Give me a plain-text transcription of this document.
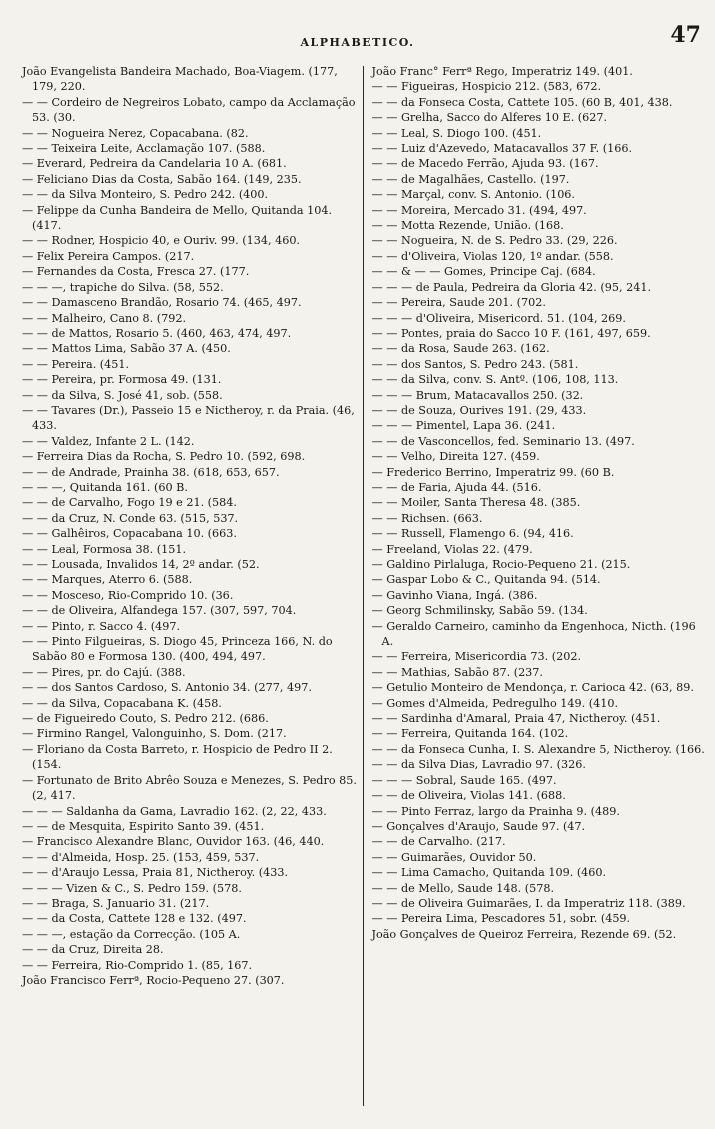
ALPHABETICO.	47

João Evangelista Bandeira Machado, Boa-Viagem. (177, 179, 220.

— — Cordeiro de Negreiros Lobato, campo da Acclamação 53. (30.

— — Nogueira Nerez, Copacabana. (82.

— — Teixeira Leite, Acclamação 107. (588.

— Everard, Pedreira da Candelaria 10 A. (681.

— Feliciano Dias da Costa, Sabão 164. (149, 235.

— — da Silva Monteiro, S. Pedro 242. (400.

— Felippe da Cunha Bandeira de Mello, Quitanda 104. (417.

— — Rodner, Hospicio 40, e Ouriv. 99. (134, 460.

— Felix Pereira Campos. (217.

— Fernandes da Costa, Fresca 27. (177.

— — —, trapiche do Silva. (58, 552.

— — Damasceno Brandão, Rosario 74. (465, 497.

— — Malheiro, Cano 8. (792.

— — de Mattos, Rosario 5. (460, 463, 474, 497.

— — Mattos Lima, Sabão 37 A. (450.

— — Pereira. (451.

— — Pereira, pr. Formosa 49. (131.

— — da Silva, S. José 41, sob. (558.

— — Tavares (Dr.), Passeio 15 e Nictheroy, r. da Praia. (46, 433.

— — Valdez, Infante 2 L. (142.

— Ferreira Dias da Rocha, S. Pedro 10. (592, 698.

— — de Andrade, Prainha 38. (618, 653, 657.

— — —, Quitanda 161. (60 B.

— — de Carvalho, Fogo 19 e 21. (584.

— — da Cruz, N. Conde 63. (515, 537.

— — Galhêiros, Copacabana 10. (663.

— — Leal, Formosa 38. (151.

— — Lousada, Invalidos 14, 2º andar. (52.

— — Marques, Aterro 6. (588.

— — Mosceso, Rio-Comprido 10. (36.

— — de Oliveira, Alfandega 157. (307, 597, 704.

— — Pinto, r. Sacco 4. (497.

— — Pinto Filgueiras, S. Diogo 45, Princeza 166, N. do Sabão 80 e Formosa 130. (400, 494, 497.

— — Pires, pr. do Cajú. (388.

— — dos Santos Cardoso, S. Antonio 34. (277, 497.

— — da Silva, Copacabana K. (458.

— de Figueiredo Couto, S. Pedro 212. (686.

— Firmino Rangel, Valonguinho, S. Dom. (217.

— Floriano da Costa Barreto, r. Hospicio de Pedro II 2. (154.

— Fortunato de Brito Abrêo Souza e Menezes, S. Pedro 85. (2, 417.

— — — Saldanha da Gama, Lavradio 162. (2, 22, 433.

— — de Mesquita, Espirito Santo 39. (451.

— Francisco Alexandre Blanc, Ouvidor 163. (46, 440.

— — d'Almeida, Hosp. 25. (153, 459, 537.

— — d'Araujo Lessa, Praia 81, Nictheroy. (433.

— — — Vizen & C., S. Pedro 159. (578.

— — Braga, S. Januario 31. (217.

— — da Costa, Cattete 128 e 132. (497.

— — —, estação da Correcção. (105 A.

— — da Cruz, Direita 28.

— — Ferreira, Rio-Comprido 1. (85, 167.

João Francisco Ferrª, Rocio-Pequeno 27. (307.

João Franc° Ferrª Rego, Imperatriz 149. (401.

— — Figueiras, Hospicio 212. (583, 672.

— — da Fonseca Costa, Cattete 105. (60 B, 401, 438.

— — Grelha, Sacco do Alferes 10 E. (627.

— — Leal, S. Diogo 100. (451.

— — Luiz d'Azevedo, Matacavallos 37 F. (166.

— — de Macedo Ferrão, Ajuda 93. (167.

— — de Magalhães, Castello. (197.

— — Marçal, conv. S. Antonio. (106.

— — Moreira, Mercado 31. (494, 497.

— — Motta Rezende, União. (168.

— — Nogueira, N. de S. Pedro 33. (29, 226.

— — d'Oliveira, Violas 120, 1º andar. (558.

— — & — — Gomes, Principe Caj. (684.

— — — de Paula, Pedreira da Gloria 42. (95, 241.

— — Pereira, Saude 201. (702.

— — — d'Oliveira, Misericord. 51. (104, 269.

— — Pontes, praia do Sacco 10 F. (161, 497, 659.

— — da Rosa, Saude 263. (162.

— — dos Santos, S. Pedro 243. (581.

— — da Silva, conv. S. Antº. (106, 108, 113.

— — — Brum, Matacavallos 250. (32.

— — de Souza, Ourives 191. (29, 433.

— — — Pimentel, Lapa 36. (241.

— — de Vasconcellos, fed. Seminario 13. (497.

— — Velho, Direita 127. (459.

— Frederico Berrino, Imperatriz 99. (60 B.

— — de Faria, Ajuda 44. (516.

— — Moiler, Santa Theresa 48. (385.

— — Richsen. (663.

— — Russell, Flamengo 6. (94, 416.

— Freeland, Violas 22. (479.

— Galdino Pirlaluga, Rocio-Pequeno 21. (215.

— Gaspar Lobo & C., Quitanda 94. (514.

— Gavinho Viana, Ingá. (386.

— Georg Schmilinsky, Sabão 59. (134.

— Geraldo Carneiro, caminho da Engenhoca, Nicth. (196 A.

— — Ferreira, Misericordia 73. (202.

— — Mathias, Sabão 87. (237.

— Getulio Monteiro de Mendonça, r. Carioca 42. (63, 89.

— Gomes d'Almeida, Pedregulho 149. (410.

— — Sardinha d'Amaral, Praia 47, Nictheroy. (451.

— — Ferreira, Quitanda 164. (102.

— — da Fonseca Cunha, I. S. Alexandre 5, Nictheroy. (166.

— — da Silva Dias, Lavradio 97. (326.

— — — Sobral, Saude 165. (497.

— — de Oliveira, Violas 141. (688.

— — Pinto Ferraz, largo da Prainha 9. (489.

— Gonçalves d'Araujo, Saude 97. (47.

— — de Carvalho. (217.

— — Guimarães, Ouvidor 50.

— — Lima Camacho, Quitanda 109. (460.

— — de Mello, Saude 148. (578.

— — de Oliveira Guimarães, I. da Imperatriz 118. (389.

— — Pereira Lima, Pescadores 51, sobr. (459.

João Gonçalves de Queiroz Ferreira, Rezende 69. (52.
